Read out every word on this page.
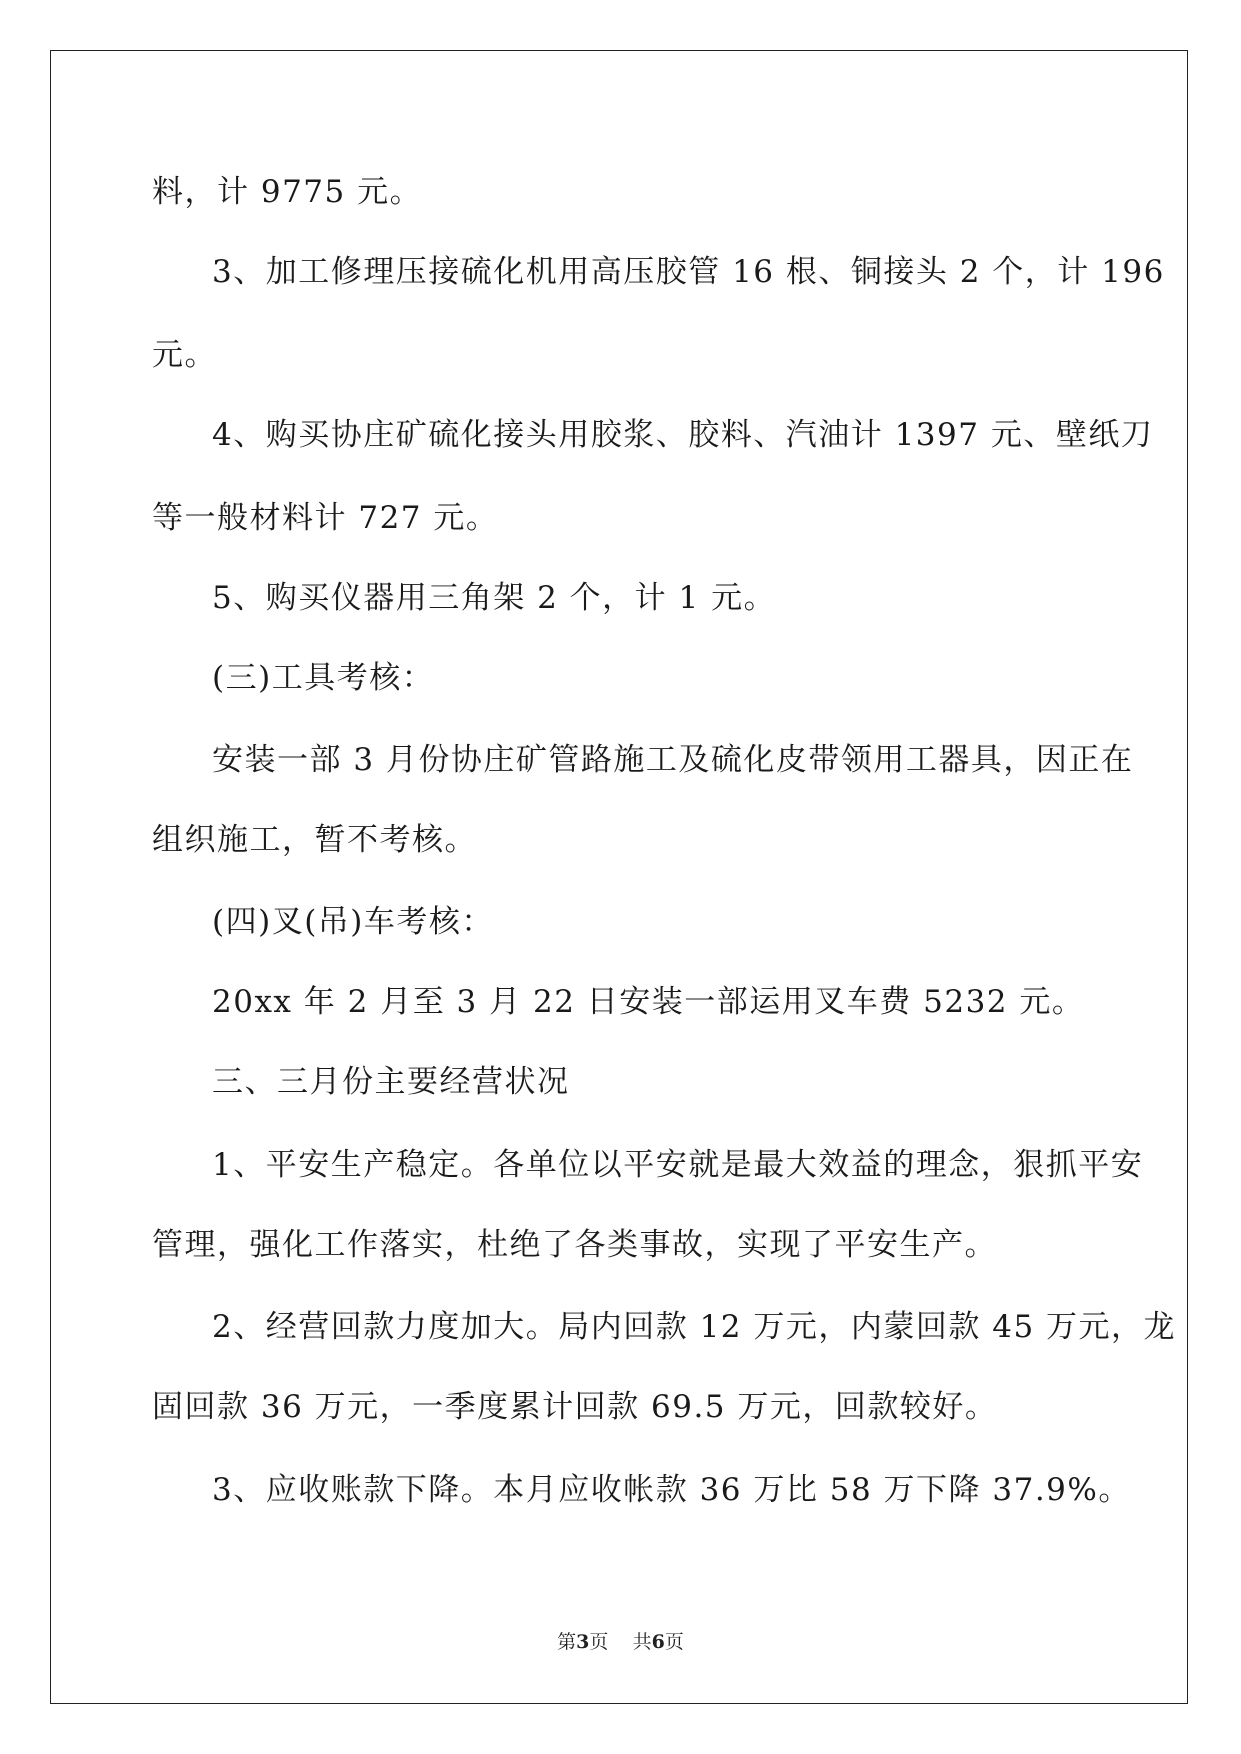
料，计 9775 元。
3、加工修理压接硫化机用高压胶管 16 根、铜接头 2 个，计 196
元。
4、购买协庄矿硫化接头用胶浆、胶料、汽油计 1397 元、壁纸刀
等一般材料计 727 元。
5、购买仪器用三角架 2 个，计 1 元。
(三)工具考核：
安装一部 3 月份协庄矿管路施工及硫化皮带领用工器具，因正在
组织施工，暂不考核。
(四)叉(吊)车考核：
20xx 年 2 月至 3 月 22 日安装一部运用叉车费 5232 元。
三、三月份主要经营状况
1、平安生产稳定。各单位以平安就是最大效益的理念，狠抓平安
管理，强化工作落实，杜绝了各类事故，实现了平安生产。
2、经营回款力度加大。局内回款 12 万元，内蒙回款 45 万元，龙
固回款 36 万元，一季度累计回款 69.5 万元，回款较好。
3、应收账款下降。本月应收帐款 36 万比 58 万下降 37.9%。
第3页 共6页
